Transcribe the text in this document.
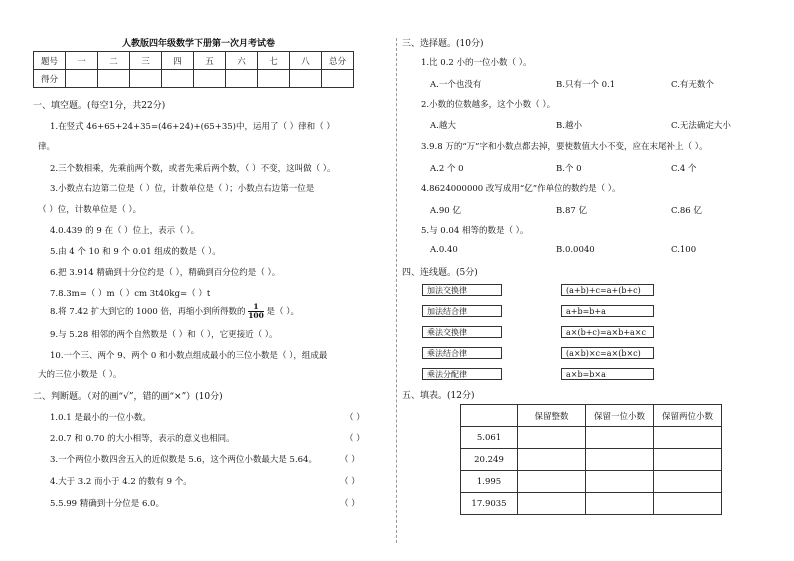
人教版四年级数学下册第一次月考试卷
题号	一	二	三	四	五	六	七	八	总分
得分									
一、填空题。(每空1分，共22分)
1.在竖式 46+65+24+35=(46+24)+(65+35)中，运用了（ ）律和（ ）
律。
2.三个数相乘，先乘前两个数，或者先乘后两个数，（ ）不变，这叫做（ ）。
3.小数点右边第二位是（ ）位，计数单位是（ ）；小数点右边第一位是
（ ）位，计数单位是（ ）。
4.0.439 的 9 在（ ）位上，表示（ ）。
5.由 4 个 10 和 9 个 0.01 组成的数是（ ）。
6.把 3.914 精确到十分位约是（ ），精确到百分位约是（ ）。
7.8.3m=（ ）m（ ）cm 3t40kg=（ ）t
8.将 7.42 扩大到它的 1000 倍，再缩小到所得数的 $\frac{1}{100}$ 是（ ）。
9.与 5.28 相邻的两个自然数是（ ）和（ ），它更接近（ ）。
10.一个三、两个 9、两个 0 和小数点组成最小的三位小数是（ ），组成最
大的三位小数是（ ）。
二、判断题。（对的画“√”，错的画“×”）(10分)
1.0.1 是最小的一位小数。	（ ）
2.0.7 和 0.70 的大小相等，表示的意义也相同。	（ ）
3.一个两位小数四舍五入的近似数是 5.6，这个两位小数最大是 5.64。	（ ）
4.大于 3.2 而小于 4.2 的数有 9 个。	（ ）
5.5.99 精确到十分位是 6.0。	（ ）
三、选择题。(10分)
1.比 0.2 小的一位小数（ ）。
A.一个也没有	B.只有一个 0.1	C.有无数个
2.小数的位数越多，这个小数（ ）。
A.越大	B.越小	C.无法确定大小
3.9.8 万的“万”字和小数点都去掉，要使数值大小不变，应在末尾补上（ ）。
A.2 个 0	B.个 0	C.4 个
4.8624000000 改写成用“亿”作单位的数约是（ ）。
A.90 亿	B.87 亿	C.86 亿
5.与 0.04 相等的数是（ ）。
A.0.40	B.0.0040	C.100
四、连线题。(5分)
加法交换律
加法结合律
乘法交换律
乘法结合律
乘法分配律
(a+b)+c=a+(b+c)
a+b=b+a
a×(b+c)=a×b+a×c
(a×b)×c=a×(b×c)
a×b=b×a
五、填表。(12分)
	保留整数	保留一位小数	保留两位小数
5.061			
20.249			
1.995			
17.9035			
